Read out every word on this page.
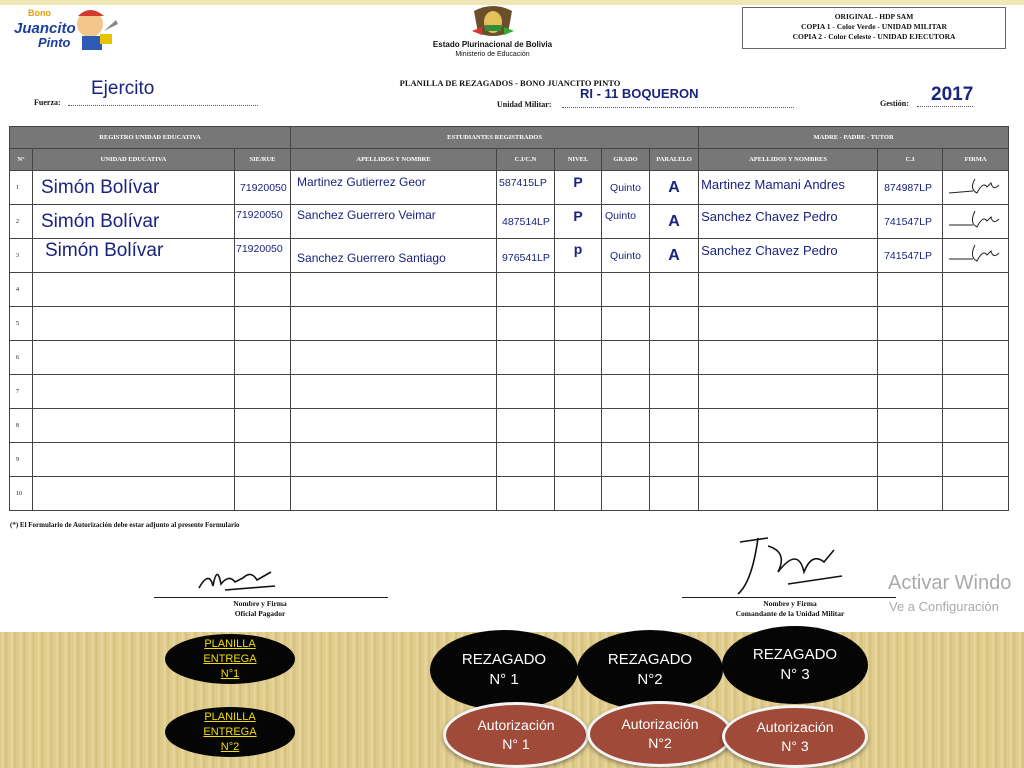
Bono
Juancito
Pinto	Estado Plurinacional de Bolivia
Ministerio de Educación
ORIGINAL - HDP SAM
COPIA 1 - Color Verde - UNIDAD MILITAR
COPIA 2 - Color Celeste - UNIDAD EJECUTORA
PLANILLA DE REZAGADOS - BONO JUANCITO PINTO
Fuerza:
Ejercito
Unidad Militar:
RI - 11 BOQUERON
Gestión: 2017
REGISTRO UNIDAD EDUCATIVA			ESTUDIANTES REGISTRADOS					MADRE - PADRE - TUTOR		
N°	UNIDAD EDUCATIVA	SIE/RUE	APELLIDOS Y NOMBRE	C.I/C.N	NIVEL	GRADO	PARALELO	APELLIDOS Y NOMBRES	C.I	FIRMA
1	Simón Bolívar	71920050	Martinez Gutierrez Geor	587415LP	P	Quinto	A	Martinez Mamani Andres	874987LP	
2	Simón Bolívar	71920050	Sanchez Guerrero Veimar	487514LP	P	Quinto	A	Sanchez Chavez Pedro	741547LP	
3	Simón Bolívar	71920050	Sanchez Guerrero Santiago	976541LP	p	Quinto	A	Sanchez Chavez Pedro	741547LP	
4										
5										
6										
7										
8										
9										
10										
(*) El Formulario de Autorización debe estar adjunto al presente Formulario
Nombre y Firma
Oficial Pagador
Nombre y Firma
Comandante de la Unidad Militar
Activar Windo
Ve a Configuración
PLANILLA
ENTREGA
N°1
PLANILLA
ENTREGA
N°2
REZAGADO
N° 1
REZAGADO
N°2
REZAGADO
N° 3
Autorización
N° 1
Autorización
N°2
Autorización
N° 3
